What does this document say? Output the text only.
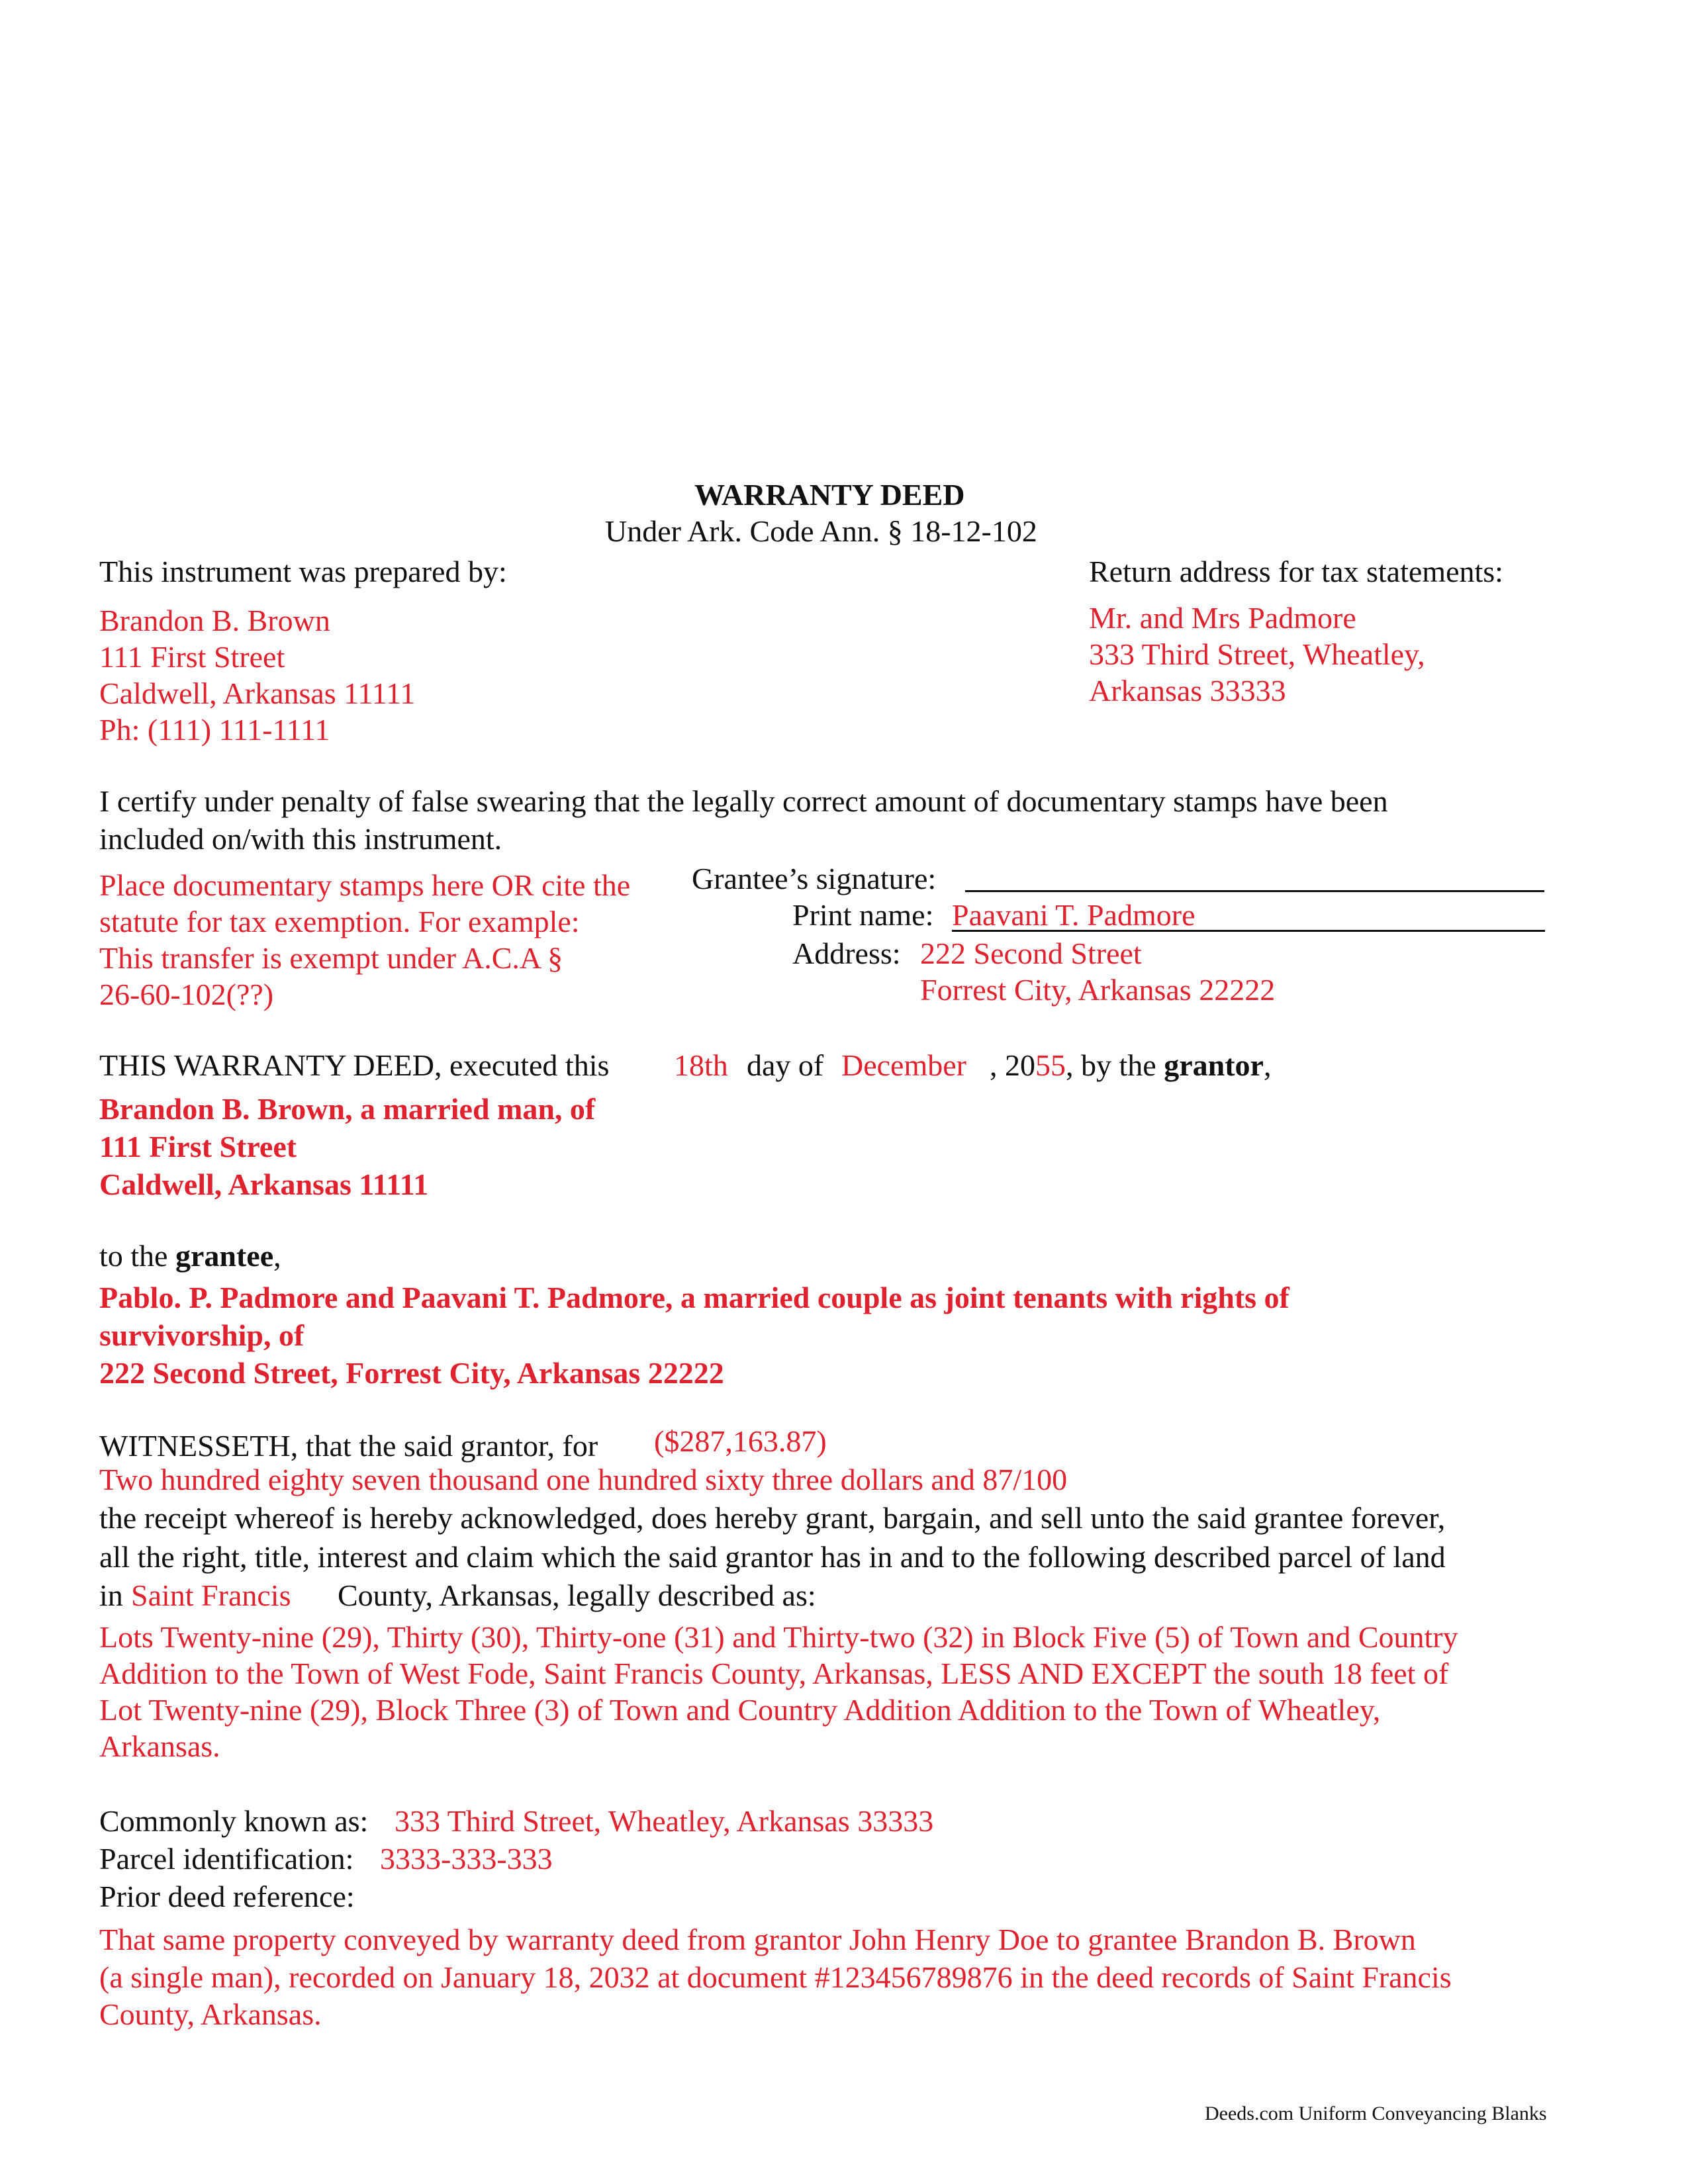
WARRANTY DEED
Under Ark. Code Ann. § 18-12-102
This instrument was prepared by:
Brandon B. Brown
111 First Street
Caldwell, Arkansas 11111
Ph: (111) 111-1111
Return address for tax statements:
Mr. and Mrs Padmore
333 Third Street, Wheatley,
Arkansas 33333
I certify under penalty of false swearing that the legally correct amount of documentary stamps have been
included on/with this instrument.
Place documentary stamps here OR cite the
statute for tax exemption. For example:
This transfer is exempt under A.C.A §
26-60-102(??)
Grantee’s signature:
Print name: Paavani T. Padmore
Address: 222 Second Street
Forrest City, Arkansas 22222
THIS WARRANTY DEED, executed this 18th day of December , 2055, by the grantor,
Brandon B. Brown, a married man, of
111 First Street
Caldwell, Arkansas 11111
to the grantee,
Pablo. P. Padmore and Paavani T. Padmore, a married couple as joint tenants with rights of
survivorship, of
222 Second Street, Forrest City, Arkansas 22222
WITNESSETH, that the said grantor, for ($287,163.87)
Two hundred eighty seven thousand one hundred sixty three dollars and 87/100
the receipt whereof is hereby acknowledged, does hereby grant, bargain, and sell unto the said grantee forever,
all the right, title, interest and claim which the said grantor has in and to the following described parcel of land
in Saint Francis County, Arkansas, legally described as:
Lots Twenty-nine (29), Thirty (30), Thirty-one (31) and Thirty-two (32) in Block Five (5) of Town and Country
Addition to the Town of West Fode, Saint Francis County, Arkansas, LESS AND EXCEPT the south 18 feet of
Lot Twenty-nine (29), Block Three (3) of Town and Country Addition Addition to the Town of Wheatley,
Arkansas.
Commonly known as: 333 Third Street, Wheatley, Arkansas 33333
Parcel identification: 3333-333-333
Prior deed reference:
That same property conveyed by warranty deed from grantor John Henry Doe to grantee Brandon B. Brown
(a single man), recorded on January 18, 2032 at document #123456789876 in the deed records of Saint Francis
County, Arkansas.
Deeds.com Uniform Conveyancing Blanks
